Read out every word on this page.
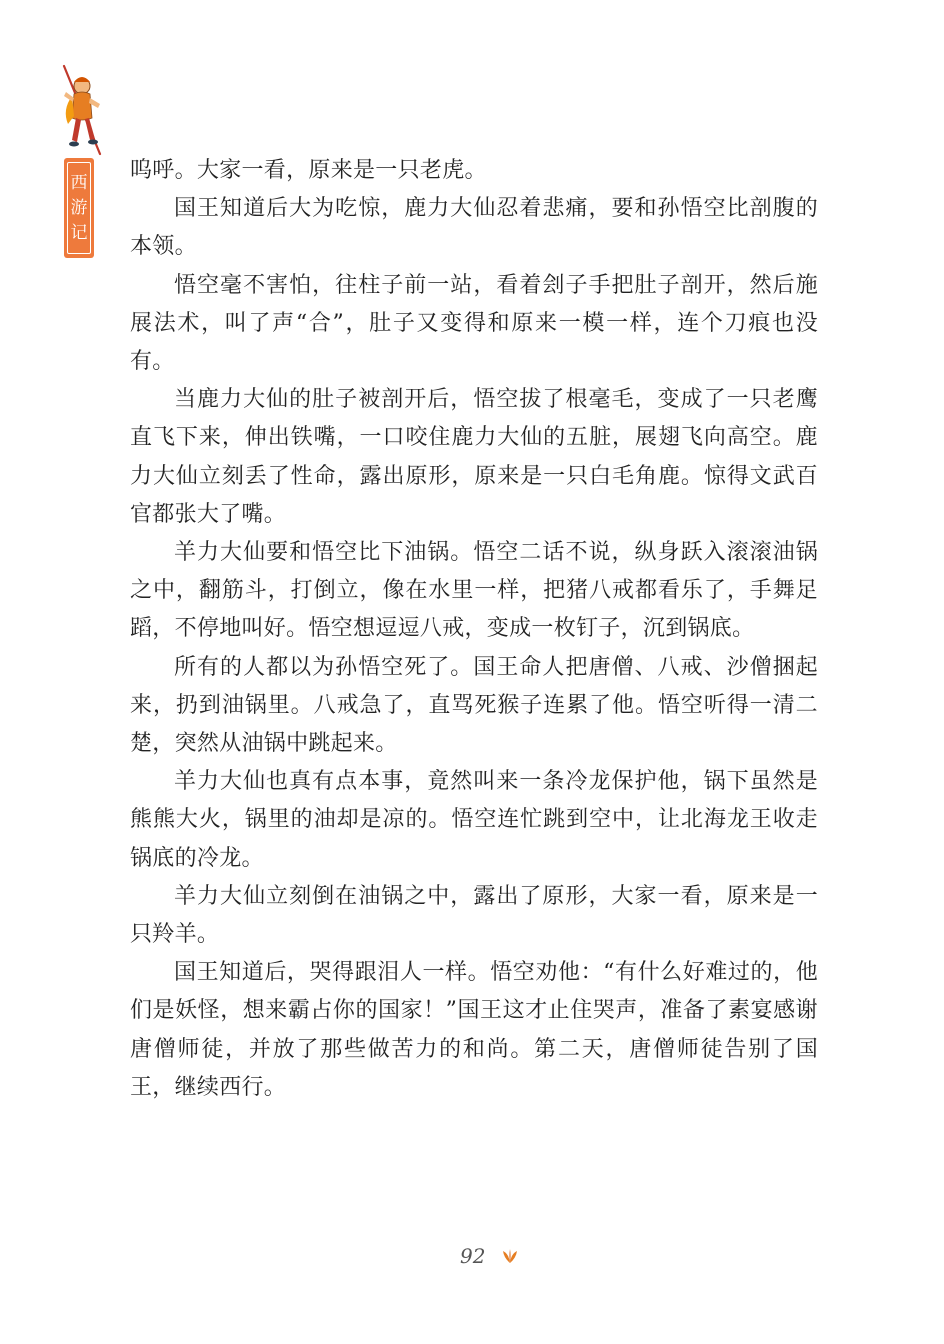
西
游
记

呜呼。大家一看，原来是一只老虎。

国王知道后大为吃惊，鹿力大仙忍着悲痛，要和孙悟空比剖腹的本领。

悟空毫不害怕，往柱子前一站，看着刽子手把肚子剖开，然后施展法术，叫了声“合”，肚子又变得和原来一模一样，连个刀痕也没有。

当鹿力大仙的肚子被剖开后，悟空拔了根毫毛，变成了一只老鹰直飞下来，伸出铁嘴，一口咬住鹿力大仙的五脏，展翅飞向高空。鹿力大仙立刻丢了性命，露出原形，原来是一只白毛角鹿。惊得文武百官都张大了嘴。

羊力大仙要和悟空比下油锅。悟空二话不说，纵身跃入滚滚油锅之中，翻筋斗，打倒立，像在水里一样，把猪八戒都看乐了，手舞足蹈，不停地叫好。悟空想逗逗八戒，变成一枚钉子，沉到锅底。

所有的人都以为孙悟空死了。国王命人把唐僧、八戒、沙僧捆起来，扔到油锅里。八戒急了，直骂死猴子连累了他。悟空听得一清二楚，突然从油锅中跳起来。

羊力大仙也真有点本事，竟然叫来一条冷龙保护他，锅下虽然是熊熊大火，锅里的油却是凉的。悟空连忙跳到空中，让北海龙王收走锅底的冷龙。

羊力大仙立刻倒在油锅之中，露出了原形，大家一看，原来是一只羚羊。

国王知道后，哭得跟泪人一样。悟空劝他：“有什么好难过的，他们是妖怪，想来霸占你的国家！”国王这才止住哭声，准备了素宴感谢唐僧师徒，并放了那些做苦力的和尚。第二天，唐僧师徒告别了国王，继续西行。

92
